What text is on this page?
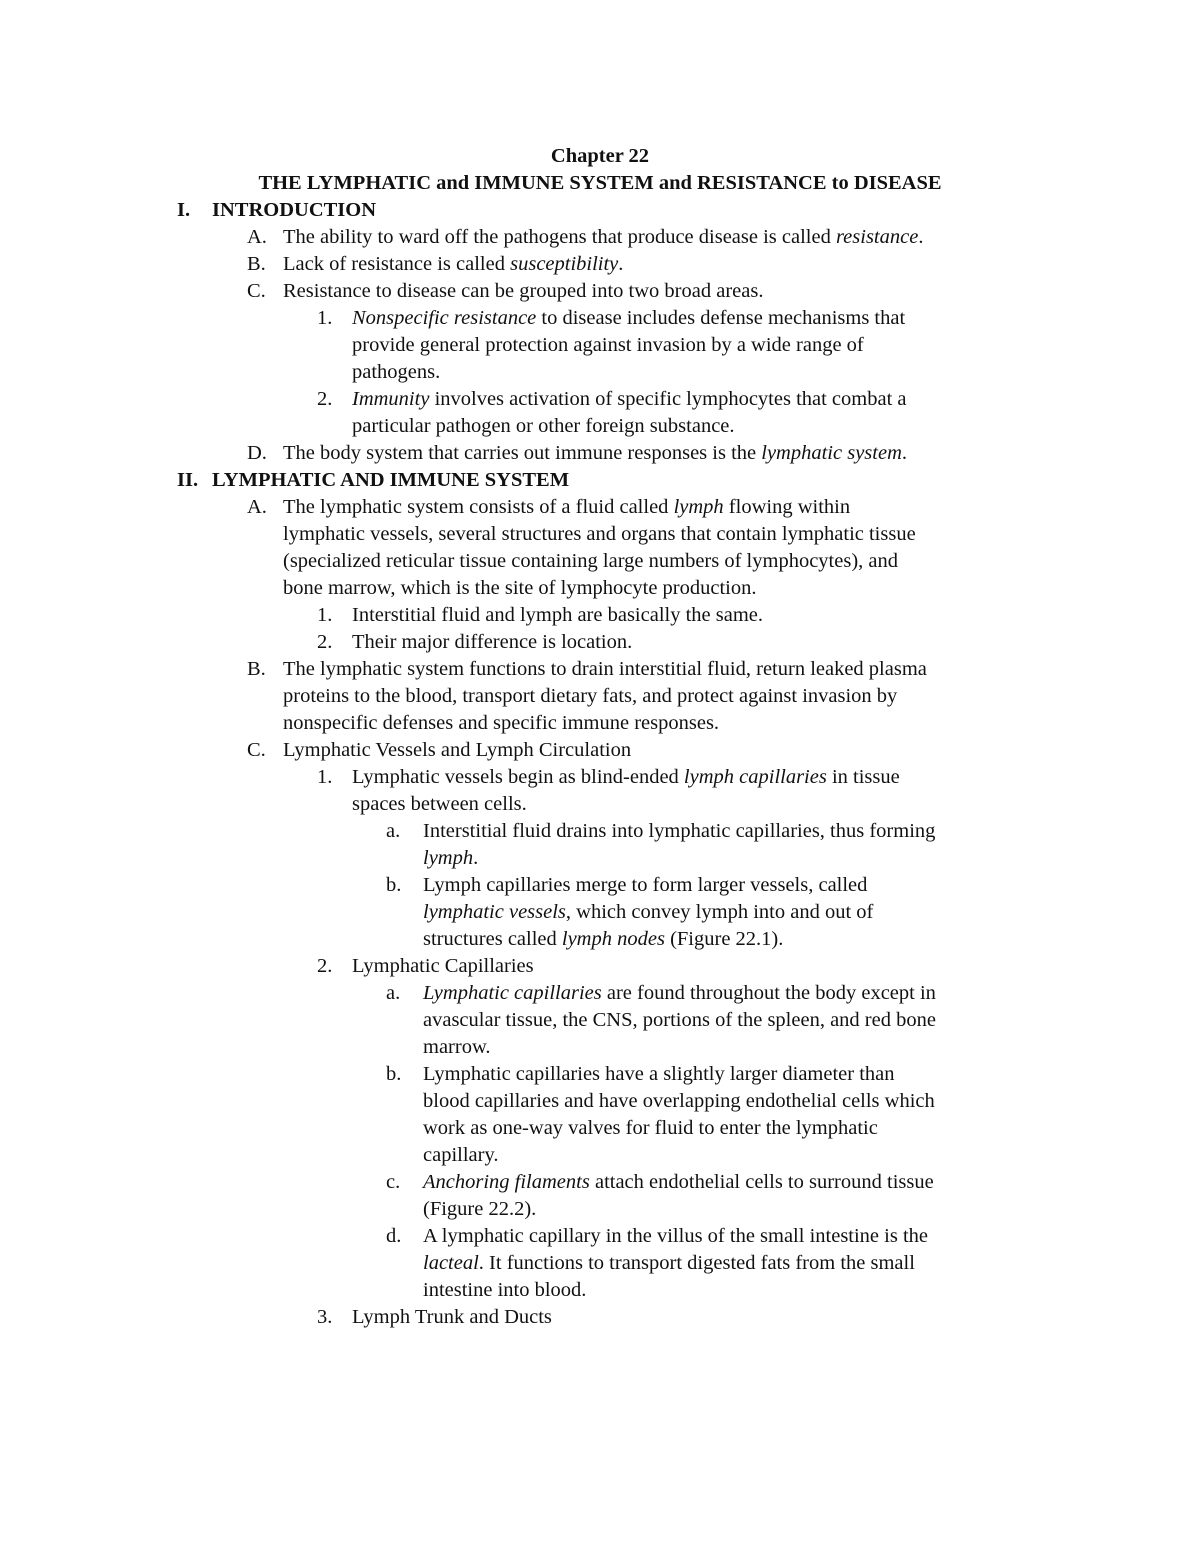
Chapter 22
THE LYMPHATIC and IMMUNE SYSTEM and RESISTANCE to DISEASE
I. INTRODUCTION
A. The ability to ward off the pathogens that produce disease is called resistance.
B. Lack of resistance is called susceptibility.
C. Resistance to disease can be grouped into two broad areas.
1. Nonspecific resistance to disease includes defense mechanisms that
provide general protection against invasion by a wide range of
pathogens.
2. Immunity involves activation of specific lymphocytes that combat a
particular pathogen or other foreign substance.
D. The body system that carries out immune responses is the lymphatic system.
II. LYMPHATIC AND IMMUNE SYSTEM
A. The lymphatic system consists of a fluid called lymph flowing within
lymphatic vessels, several structures and organs that contain lymphatic tissue
(specialized reticular tissue containing large numbers of lymphocytes), and
bone marrow, which is the site of lymphocyte production.
1. Interstitial fluid and lymph are basically the same.
2. Their major difference is location.
B. The lymphatic system functions to drain interstitial fluid, return leaked plasma
proteins to the blood, transport dietary fats, and protect against invasion by
nonspecific defenses and specific immune responses.
C. Lymphatic Vessels and Lymph Circulation
1. Lymphatic vessels begin as blind-ended lymph capillaries in tissue
spaces between cells.
a. Interstitial fluid drains into lymphatic capillaries, thus forming
lymph.
b. Lymph capillaries merge to form larger vessels, called
lymphatic vessels, which convey lymph into and out of
structures called lymph nodes (Figure 22.1).
2. Lymphatic Capillaries
a. Lymphatic capillaries are found throughout the body except in
avascular tissue, the CNS, portions of the spleen, and red bone
marrow.
b. Lymphatic capillaries have a slightly larger diameter than
blood capillaries and have overlapping endothelial cells which
work as one-way valves for fluid to enter the lymphatic
capillary.
c. Anchoring filaments attach endothelial cells to surround tissue
(Figure 22.2).
d. A lymphatic capillary in the villus of the small intestine is the
lacteal. It functions to transport digested fats from the small
intestine into blood.
3. Lymph Trunk and Ducts
